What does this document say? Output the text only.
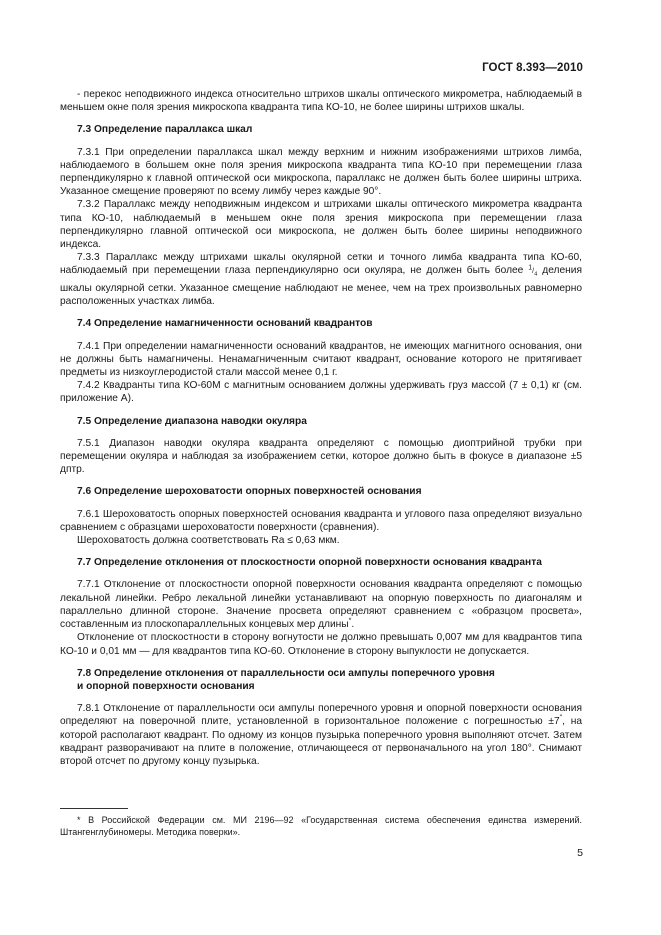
ГОСТ 8.393—2010

- перекос неподвижного индекса относительно штрихов шкалы оптического микрометра, наблюдаемый в меньшем окне поля зрения микроскопа квадранта типа КО-10, не более ширины штрихов шкалы.

7.3 Определение параллакса шкал

7.3.1 При определении параллакса шкал между верхним и нижним изображениями штрихов лимба, наблюдаемого в большем окне поля зрения микроскопа квадранта типа КО-10 при перемещении глаза перпендикулярно к главной оптической оси микроскопа, параллакс не должен быть более ширины штриха. Указанное смещение проверяют по всему лимбу через каждые 90°.

7.3.2 Параллакс между неподвижным индексом и штрихами шкалы оптического микрометра квадранта типа КО-10, наблюдаемый в меньшем окне поля зрения микроскопа при перемещении глаза перпендикулярно главной оптической оси микроскопа, не должен быть более ширины неподвижного индекса.

7.3.3 Параллакс между штрихами шкалы окулярной сетки и точного лимба квадранта типа КО-60, наблюдаемый при перемещении глаза перпендикулярно оси окуляра, не должен быть более $^1/_4$ деления шкалы окулярной сетки. Указанное смещение наблюдают не менее, чем на трех произвольных равномерно расположенных участках лимба.

7.4 Определение намагниченности оснований квадрантов

7.4.1 При определении намагниченности оснований квадрантов, не имеющих магнитного основания, они не должны быть намагничены. Ненамагниченным считают квадрант, основание которого не притягивает предметы из низкоуглеродистой стали массой менее 0,1 г.

7.4.2 Квадранты типа КО-60М с магнитным основанием должны удерживать груз массой (7 ± 0,1) кг (см. приложение А).

7.5 Определение диапазона наводки окуляра

7.5.1 Диапазон наводки окуляра квадранта определяют с помощью диоптрийной трубки при перемещении окуляра и наблюдая за изображением сетки, которое должно быть в фокусе в диапазоне ±5 дптр.

7.6 Определение шероховатости опорных поверхностей основания

7.6.1 Шероховатость опорных поверхностей основания квадранта и углового паза определяют визуально сравнением с образцами шероховатости поверхности (сравнения).

Шероховатость должна соответствовать Ra ≤ 0,63 мкм.

7.7 Определение отклонения от плоскостности опорной поверхности основания квадранта

7.7.1 Отклонение от плоскостности опорной поверхности основания квадранта определяют с помощью лекальной линейки. Ребро лекальной линейки устанавливают на опорную поверхность по диагоналям и параллельно длинной стороне. Значение просвета определяют сравнением с «образцом просвета», составленным из плоскопараллельных концевых мер длины*.

Отклонение от плоскостности в сторону вогнутости не должно превышать 0,007 мм для квадрантов типа КО-10 и 0,01 мм — для квадрантов типа КО-60. Отклонение в сторону выпуклости не допускается.

7.8 Определение отклонения от параллельности оси ампулы поперечного уровня
и опорной поверхности основания

7.8.1 Отклонение от параллельности оси ампулы поперечного уровня и опорной поверхности основания определяют на поверочной плите, установленной в горизонтальное положение с погрешностью ±7", на которой располагают квадрант. По одному из концов пузырька поперечного уровня выполняют отсчет. Затем квадрант разворачивают на плите в положение, отличающееся от первоначального на угол 180°. Снимают второй отсчет по другому концу пузырька.

* В Российской Федерации см. МИ 2196—92 «Государственная система обеспечения единства измерений. Штангенглубиномеры. Методика поверки».
5
